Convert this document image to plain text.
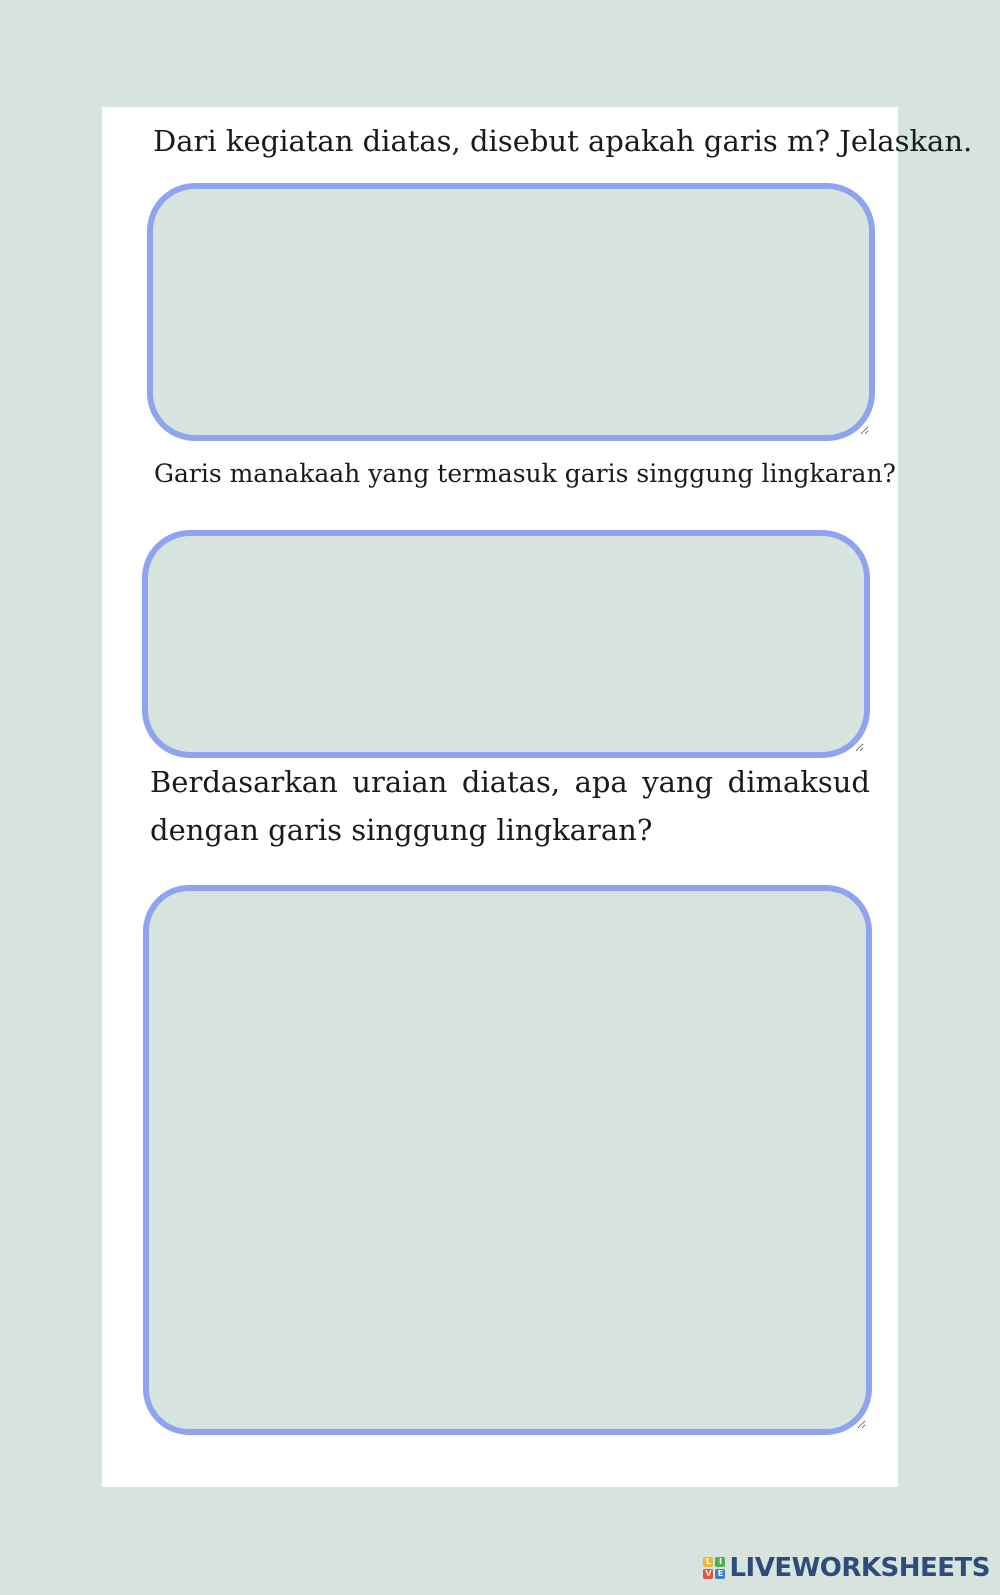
Dari kegiatan diatas, disebut apakah garis m? Jelaskan.

Garis manakaah yang termasuk garis singgung lingkaran?

Berdasarkan uraian diatas, apa yang dimaksud dengan garis singgung lingkaran?

L I
V E LIVEWORKSHEETS
